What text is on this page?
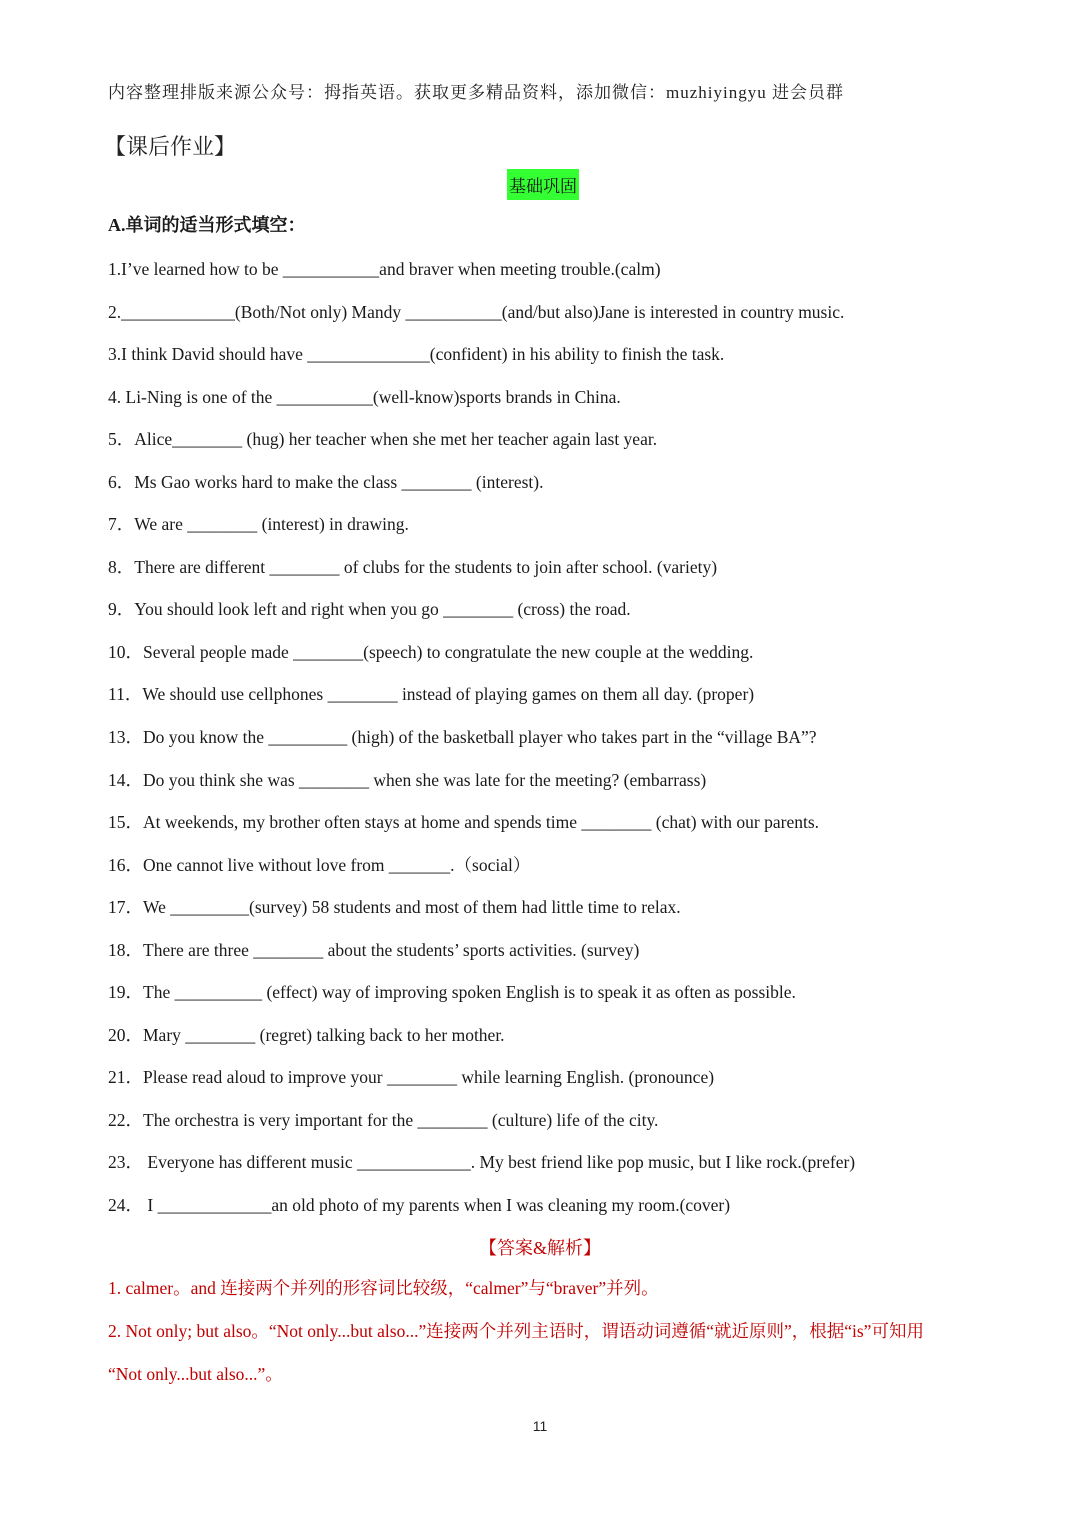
内容整理排版来源公众号：拇指英语。获取更多精品资料，添加微信：muzhiyingyu 进会员群
【课后作业】
基础巩固
A.单词的适当形式填空：
1.I’ve learned how to be ___________and braver when meeting trouble.(calm)
2._____________(Both/Not only) Mandy ___________(and/but also)Jane is interested in country music.
3.I think David should have ______________(confident) in his ability to finish the task.
4. Li-Ning is one of the ___________(well-know)sports brands in China.
5．Alice________ (hug) her teacher when she met her teacher again last year.
6．Ms Gao works hard to make the class ________ (interest).
7．We are ________ (interest) in drawing.
8．There are different ________ of clubs for the students to join after school. (variety)
9．You should look left and right when you go ________ (cross) the road.
10．Several people made ________(speech) to congratulate the new couple at the wedding.
11．We should use cellphones ________ instead of playing games on them all day. (proper)
13．Do you know the _________ (high) of the basketball player who takes part in the “village BA”?
14．Do you think she was ________ when she was late for the meeting? (embarrass)
15．At weekends, my brother often stays at home and spends time ________ (chat) with our parents.
16．One cannot live without love from _______.（social）
17．We _________(survey) 58 students and most of them had little time to relax.
18．There are three ________ about the students’ sports activities. (survey)
19．The __________ (effect) way of improving spoken English is to speak it as often as possible.
20．Mary ________ (regret) talking back to her mother.
21．Please read aloud to improve your ________ while learning English. (pronounce)
22．The orchestra is very important for the ________ (culture) life of the city.
23． Everyone has different music _____________. My best friend like pop music, but I like rock.(prefer)
24． I _____________an old photo of my parents when I was cleaning my room.(cover)
【答案&解析】
1. calmer。and 连接两个并列的形容词比较级，“calmer”与“braver”并列。
2. Not only; but also。“Not only...but also...”连接两个并列主语时，谓语动词遵循“就近原则”，根据“is”可知用
“Not only...but also...”。
11
